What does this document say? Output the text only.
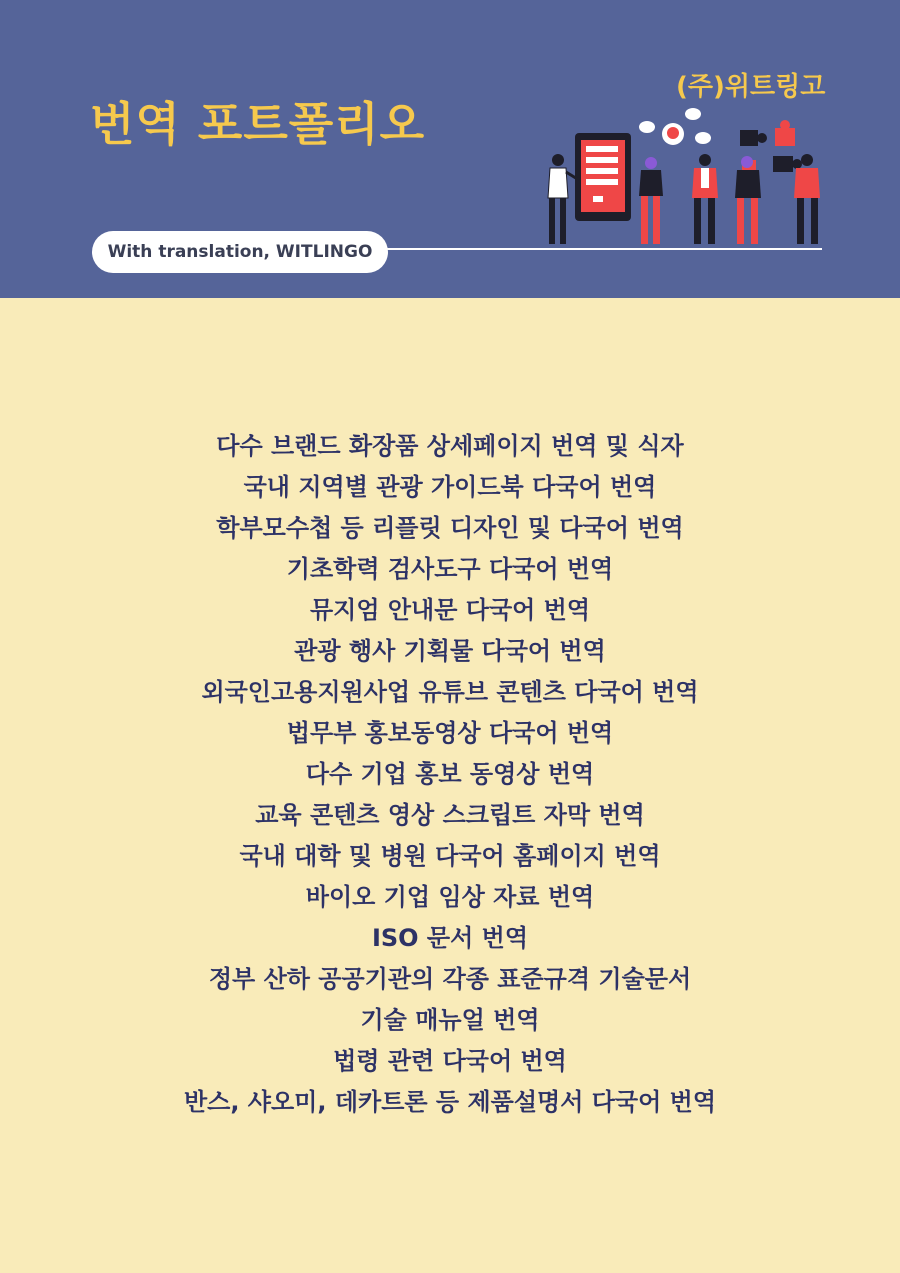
번역 포트폴리오
(주)위트링고
With translation, WITLINGO
다수 브랜드 화장품 상세페이지 번역 및 식자
국내 지역별 관광 가이드북 다국어 번역
학부모수첩 등 리플릿 디자인 및 다국어 번역
기초학력 검사도구 다국어 번역
뮤지엄 안내문 다국어 번역
관광 행사 기획물 다국어 번역
외국인고용지원사업 유튜브 콘텐츠 다국어 번역
법무부 홍보동영상 다국어 번역
다수 기업 홍보 동영상 번역
교육 콘텐츠 영상 스크립트 자막 번역
국내 대학 및 병원 다국어 홈페이지 번역
바이오 기업 임상 자료 번역
ISO 문서 번역
정부 산하 공공기관의 각종 표준규격 기술문서
기술 매뉴얼 번역
법령 관련 다국어 번역
반스, 샤오미, 데카트론 등 제품설명서 다국어 번역
